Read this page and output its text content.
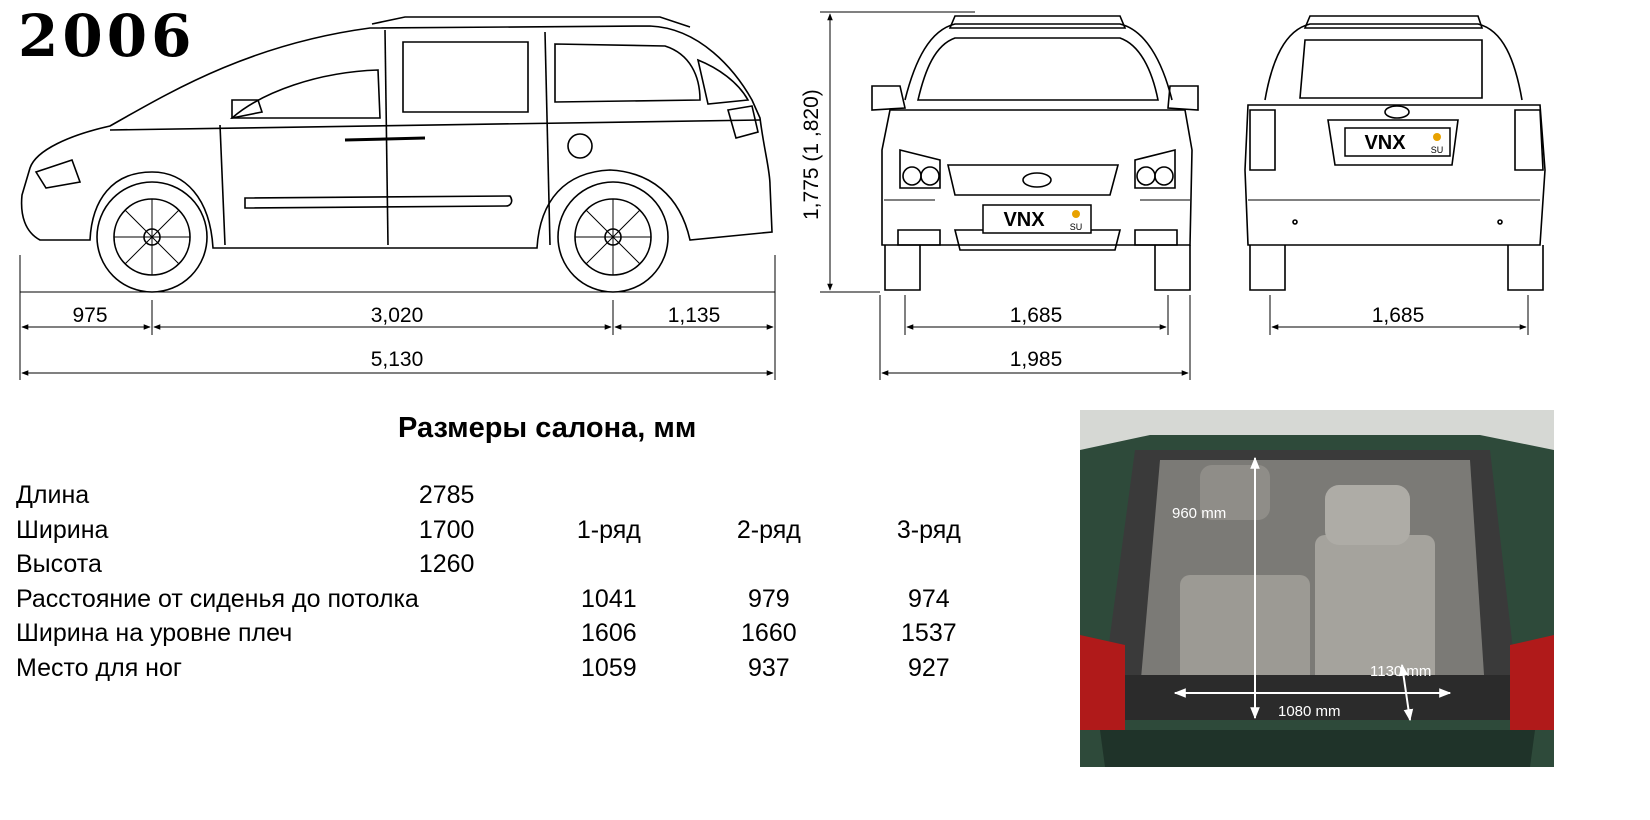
2006
975	3,020	1,135
5,130
1,775 (1 ,820)	VNX	SU
1,685
1,985
VNX	SU
1,685
Размеры салона, мм
Длина	2785			
Ширина	1700	1-ряд	2-ряд	3-ряд
Высота	1260			
Расстояние от сиденья до потолка		1041	979	974
Ширина на уровне плеч		1606	1660	1537
Место для ног		1059	937	927
960 mm
1080 mm
1130 mm
